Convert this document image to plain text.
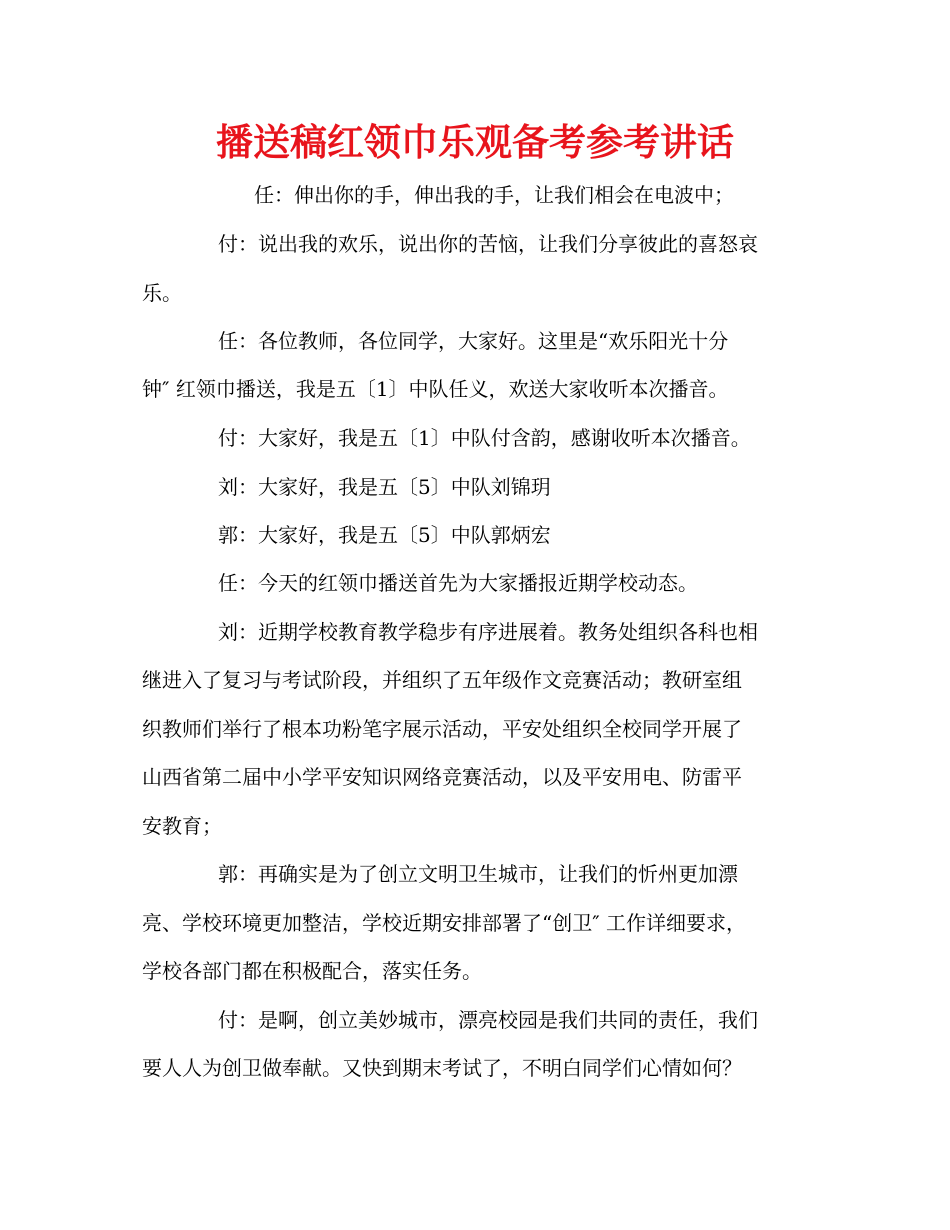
播送稿红领巾乐观备考参考讲话

任：伸出你的手，伸出我的手，让我们相会在电波中；

付：说出我的欢乐，说出你的苦恼，让我们分享彼此的喜怒哀

乐。

任：各位教师，各位同学，大家好。这里是“欢乐阳光十分

钟″ 红领巾播送，我是五〔1〕中队任义，欢送大家收听本次播音。

付：大家好，我是五〔1〕中队付含韵，感谢收听本次播音。

刘：大家好，我是五〔5〕中队刘锦玥

郭：大家好，我是五〔5〕中队郭炳宏

任：今天的红领巾播送首先为大家播报近期学校动态。

刘：近期学校教育教学稳步有序进展着。教务处组织各科也相

继进入了复习与考试阶段，并组织了五年级作文竞赛活动；教研室组

织教师们举行了根本功粉笔字展示活动，平安处组织全校同学开展了

山西省第二届中小学平安知识网络竞赛活动，以及平安用电、防雷平

安教育；

郭：再确实是为了创立文明卫生城市，让我们的忻州更加漂

亮、学校环境更加整洁，学校近期安排部署了“创卫″ 工作详细要求，

学校各部门都在积极配合，落实任务。

付：是啊，创立美妙城市，漂亮校园是我们共同的责任，我们

要人人为创卫做奉献。又快到期末考试了，不明白同学们心情如何？
